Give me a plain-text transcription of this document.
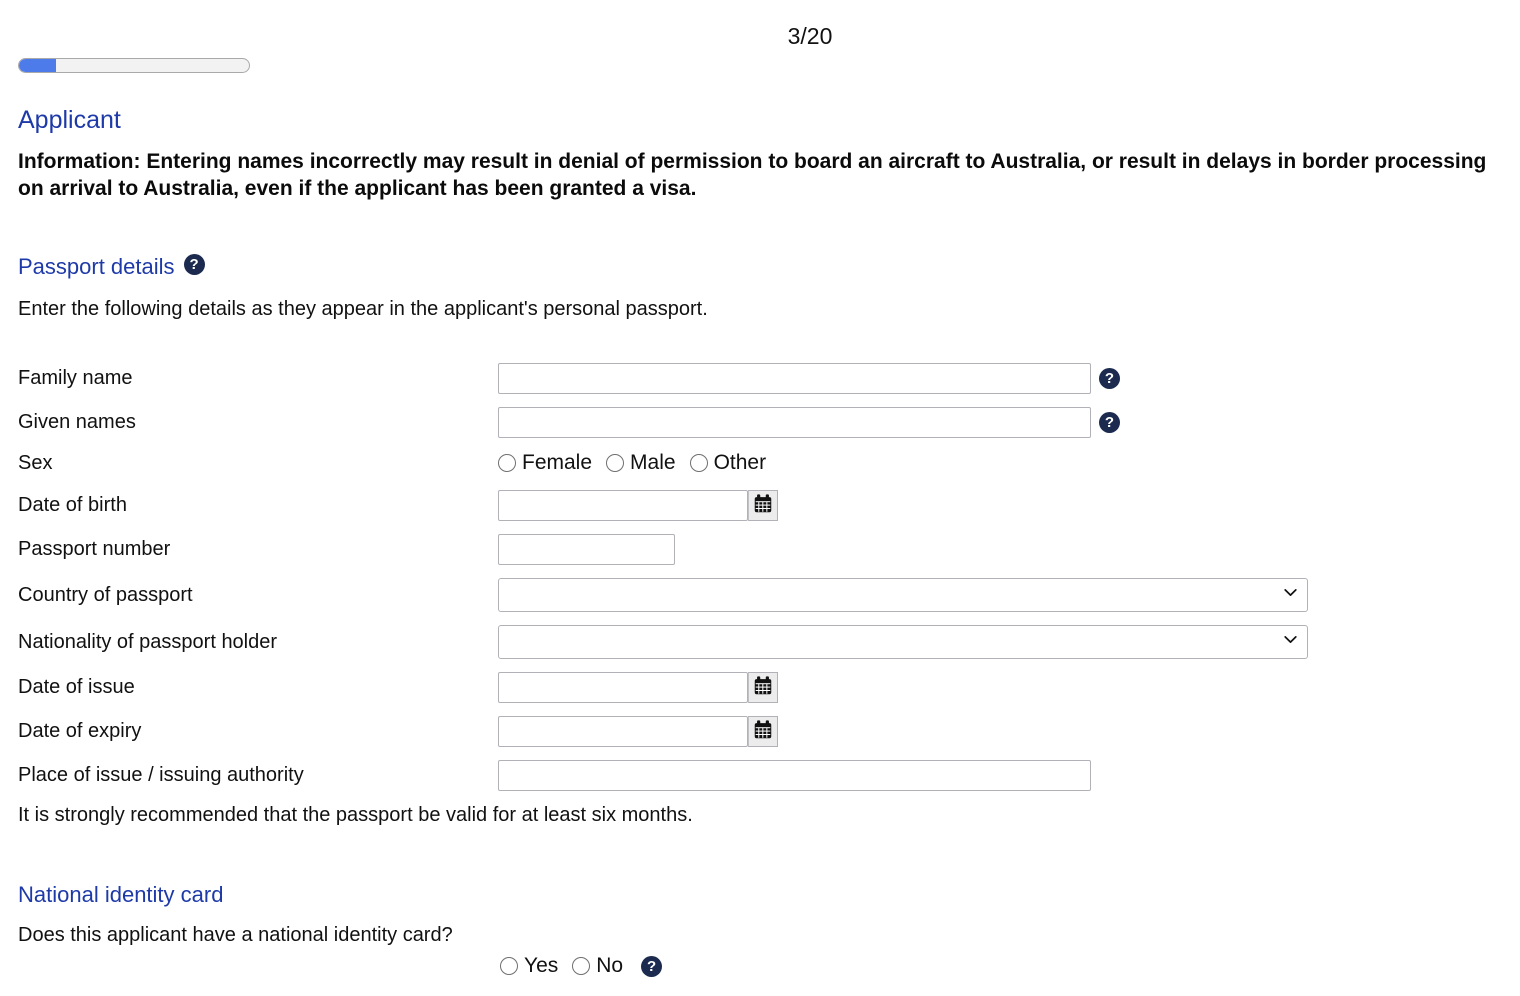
3/20
Applicant

Information: Entering names incorrectly may result in denial of permission to board an aircraft to Australia, or result in delays in border processing on arrival to Australia, even if the applicant has been granted a visa.

Passport details ?

Enter the following details as they appear in the applicant's personal passport.

Family name	?
Given names	?
Sex	Female Male Other
Date of birth
Passport number
Country of passport
Nationality of passport holder
Date of issue
Date of expiry
Place of issue / issuing authority

It is strongly recommended that the passport be valid for at least six months.

National identity card

Does this applicant have a national identity card?

Yes No	?
